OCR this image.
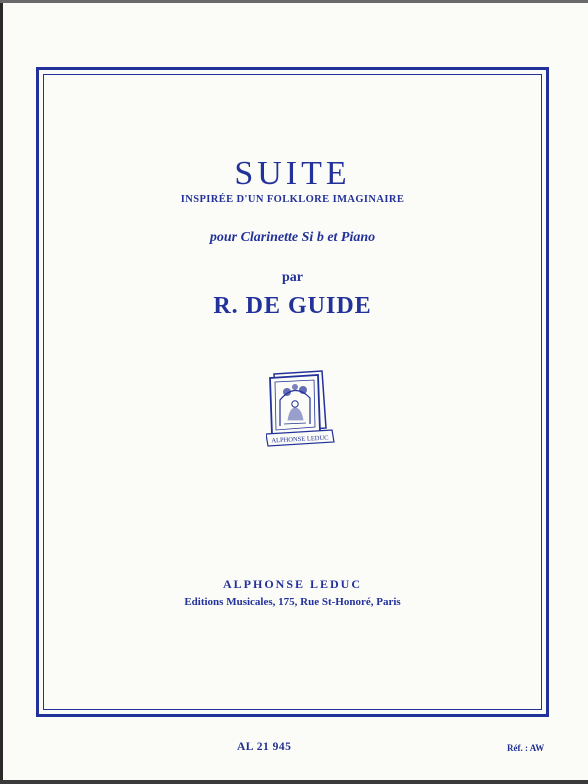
SUITE
INSPIRÉE D'UN FOLKLORE IMAGINAIRE
pour Clarinette Si b et Piano
par
R. DE GUIDE
ALPHONSE LEDUC
ALPHONSE LEDUC
Editions Musicales, 175, Rue St-Honoré, Paris
AL 21 945	Réf. : AW
